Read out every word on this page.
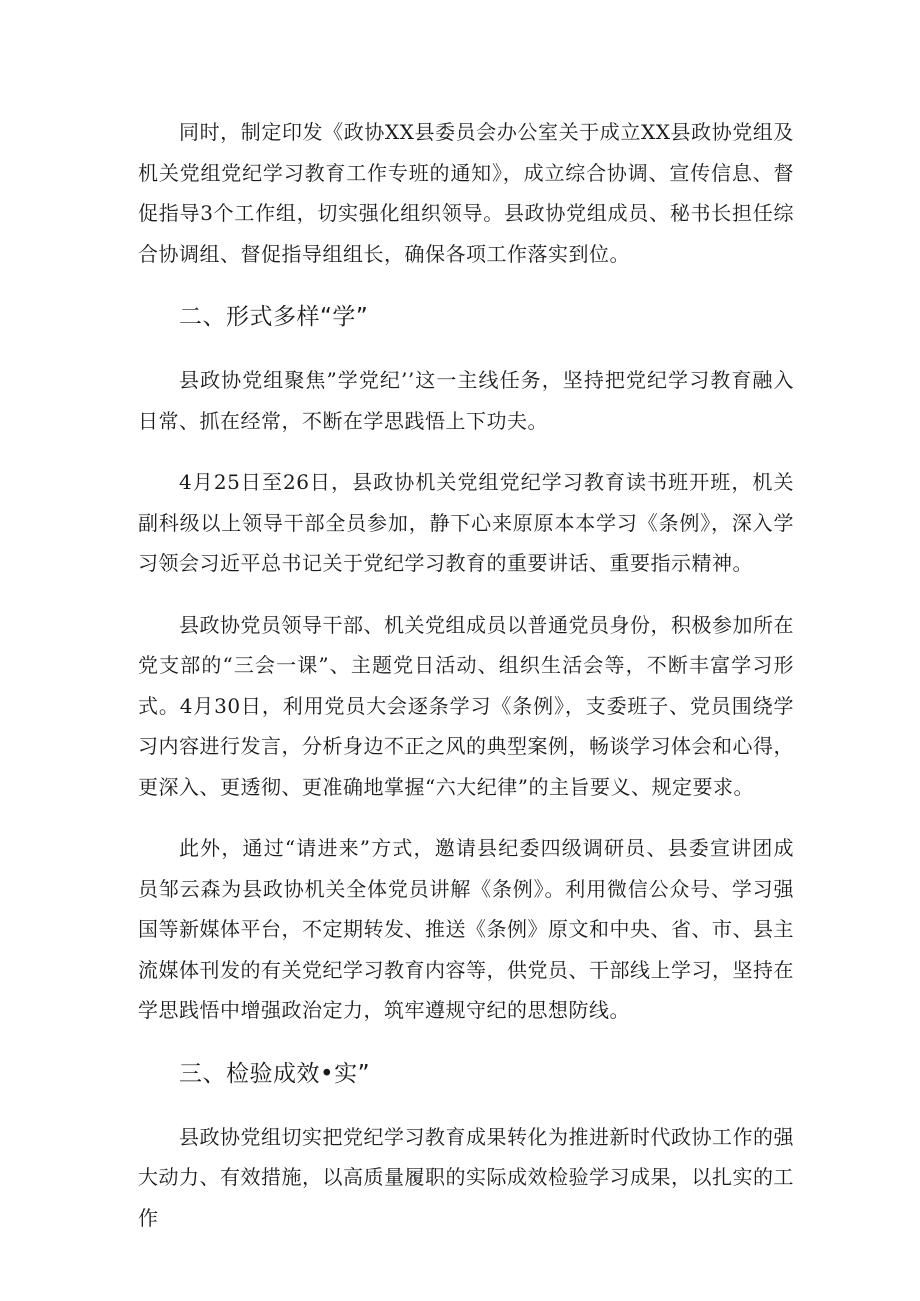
同时，制定印发《政协XX县委员会办公室关于成立XX县政协党组及机关党组党纪学习教育工作专班的通知》，成立综合协调、宣传信息、督促指导3个工作组，切实强化组织领导。县政协党组成员、秘书长担任综合协调组、督促指导组组长，确保各项工作落实到位。

二、形式多样“学”

县政协党组聚焦”学党纪’’这一主线任务，坚持把党纪学习教育融入日常、抓在经常，不断在学思践悟上下功夫。

4月25日至26日，县政协机关党组党纪学习教育读书班开班，机关副科级以上领导干部全员参加，静下心来原原本本学习《条例》，深入学习领会习近平总书记关于党纪学习教育的重要讲话、重要指示精神。

县政协党员领导干部、机关党组成员以普通党员身份，积极参加所在党支部的“三会一课”、主题党日活动、组织生活会等，不断丰富学习形式。4月30日，利用党员大会逐条学习《条例》，支委班子、党员围绕学习内容进行发言，分析身边不正之风的典型案例，畅谈学习体会和心得，更深入、更透彻、更准确地掌握“六大纪律”的主旨要义、规定要求。

此外，通过“请进来”方式，邀请县纪委四级调研员、县委宣讲团成员邹云森为县政协机关全体党员讲解《条例》。利用微信公众号、学习强国等新媒体平台，不定期转发、推送《条例》原文和中央、省、市、县主流媒体刊发的有关党纪学习教育内容等，供党员、干部线上学习，坚持在学思践悟中增强政治定力，筑牢遵规守纪的思想防线。

三、检验成效•实”

县政协党组切实把党纪学习教育成果转化为推进新时代政协工作的强大动力、有效措施，以高质量履职的实际成效检验学习成果，以扎实的工作
